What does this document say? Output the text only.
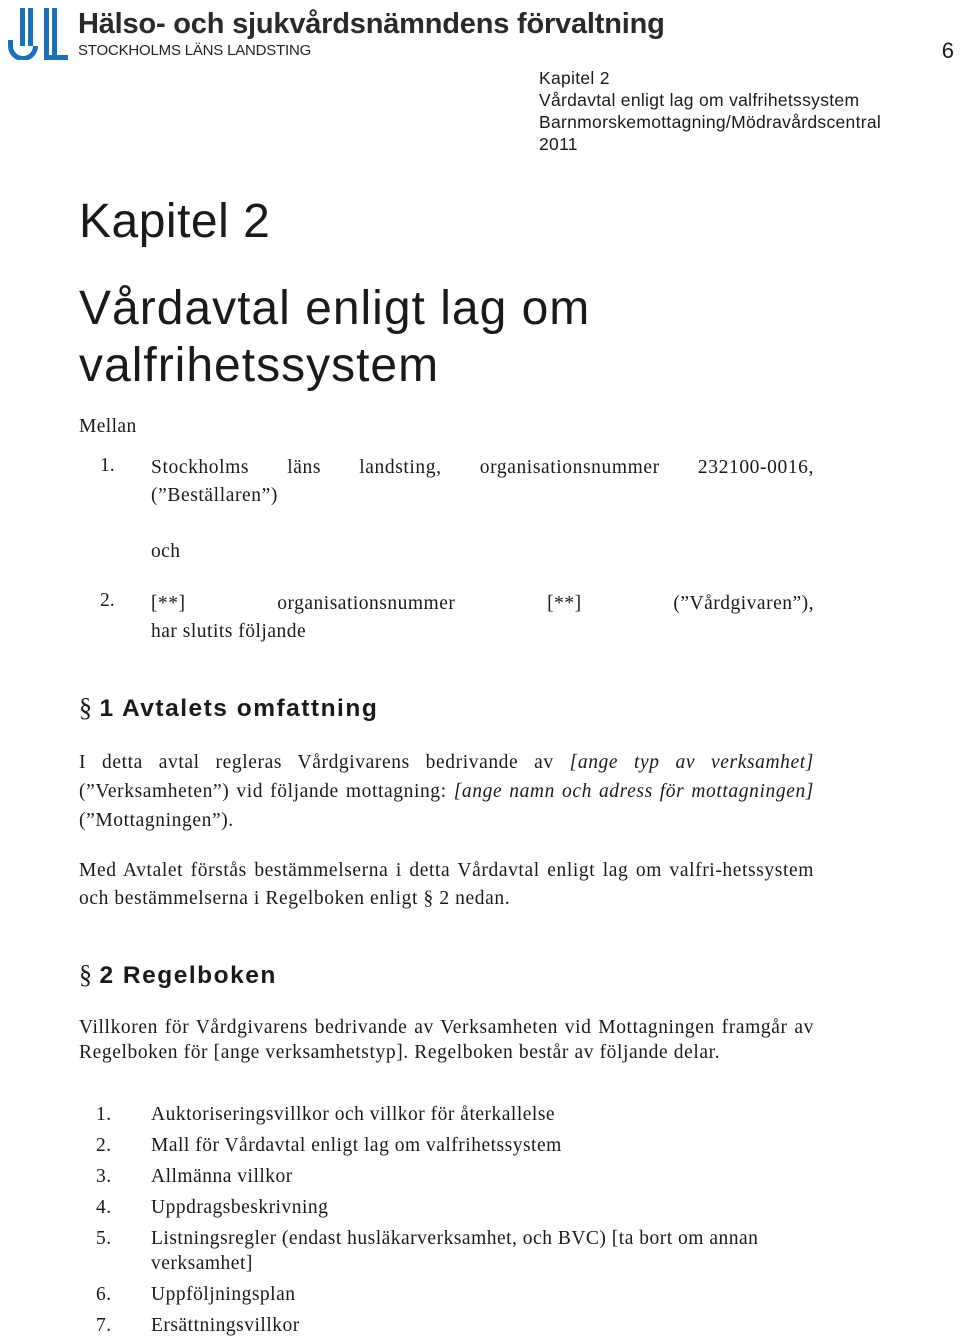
Hälso- och sjukvårdsnämndens förvaltning
STOCKHOLMS LÄNS LANDSTING	6
Kapitel 2
Vårdavtal enligt lag om valfrihetssystem
Barnmorskemottagning/Mödravårdscentral
2011
Kapitel 2
Vårdavtal enligt lag om valfrihetssystem

Mellan

1. Stockholms läns landsting, organisationsnummer 232100-0016, (”Beställaren”)

och

2. [**]	organisationsnummer	[**]	(”Vårdgivaren”),
har slutits följande
§ 1 Avtalets omfattning

I detta avtal regleras Vårdgivarens bedrivande av [ange typ av verksamhet] (”Verksamheten”) vid följande mottagning: [ange namn och adress för mottagningen] (”Mottagningen”).

Med Avtalet förstås bestämmelserna i detta Vårdavtal enligt lag om valfri-hetssystem och bestämmelserna i Regelboken enligt § 2 nedan.

§ 2 Regelboken

Villkoren för Vårdgivarens bedrivande av Verksamheten vid Mottagningen framgår av Regelboken för [ange verksamhetstyp]. Regelboken består av följande delar.

1. Auktoriseringsvillkor och villkor för återkallelse
2. Mall för Vårdavtal enligt lag om valfrihetssystem
3. Allmänna villkor
4. Uppdragsbeskrivning
5. Listningsregler (endast husläkarverksamhet, och BVC) [ta bort om annan verksamhet]
6. Uppföljningsplan
7. Ersättningsvillkor
